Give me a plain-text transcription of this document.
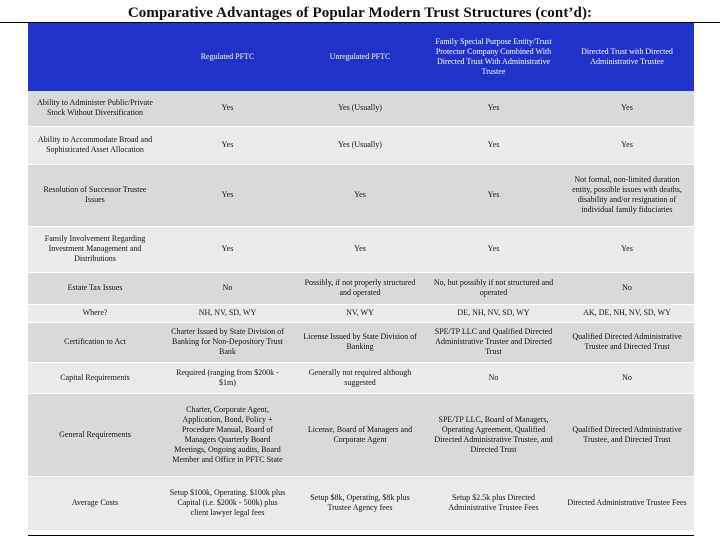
Comparative Advantages of Popular Modern Trust Structures (cont’d):
	Regulated PFTC	Unregulated PFTC	Family Special Purpose Entity/Trust Protector Company Combined With Directed Trust With Administrative Trustee	Directed Trust with Directed Administrative Trustee
Ability to Administer Public/Private Stock Without Diversification	Yes	Yes (Usually)	Yes	Yes
Ability to Accommodate Broad and Sophisticated Asset Allocation	Yes	Yes (Usually)	Yes	Yes
Resolution of Successor Trustee Issues	Yes	Yes	Yes	Not formal, non-limited duration entity, possible issues with deaths, disability and/or resignation of individual family fiduciaries
Family Involvement Regarding Investment Management and Distributions	Yes	Yes	Yes	Yes
Estate Tax Issues	No	Possibly, if not properly structured and operated	No, but possibly if not structured and operated	No
Where?	NH, NV, SD, WY	NV, WY	DE, NH, NV, SD, WY	AK, DE, NH, NV, SD, WY
Certification to Act	Charter Issued by State Division of Banking for Non-Depository Trust Bank	License Issued by State Division of Banking	SPE/TP LLC and Qualified Directed Administrative Trustee and Directed Trust	Qualified Directed Administrative Trustee and Directed Trust
Capital Requirements	Required (ranging from $200k - $1m)	Generally not required although suggested	No	No
General Requirements	Charter, Corporate Agent, Application, Bond, Policy + Procedure Manual, Board of Managers Quarterly Board Meetings, Ongoing audits, Board Member and Office in PFTC State	License, Board of Managers and Corporate Agent	SPE/TP LLC, Board of Managers, Operating Agreement, Qualified Directed Administrative Trustee, and Directed Trust	Qualified Directed Administrative Trustee, and Directed Trust
Average Costs	Setup $100k, Operating. $100k plus Capital (i.e. $200k - 500k) plus client lawyer legal fees	Setup $8k, Operating, $8k plus Trustee Agency fees	Setup $2.5k plus Directed Administrative Trustee Fees	Directed Administrative Trustee Fees
